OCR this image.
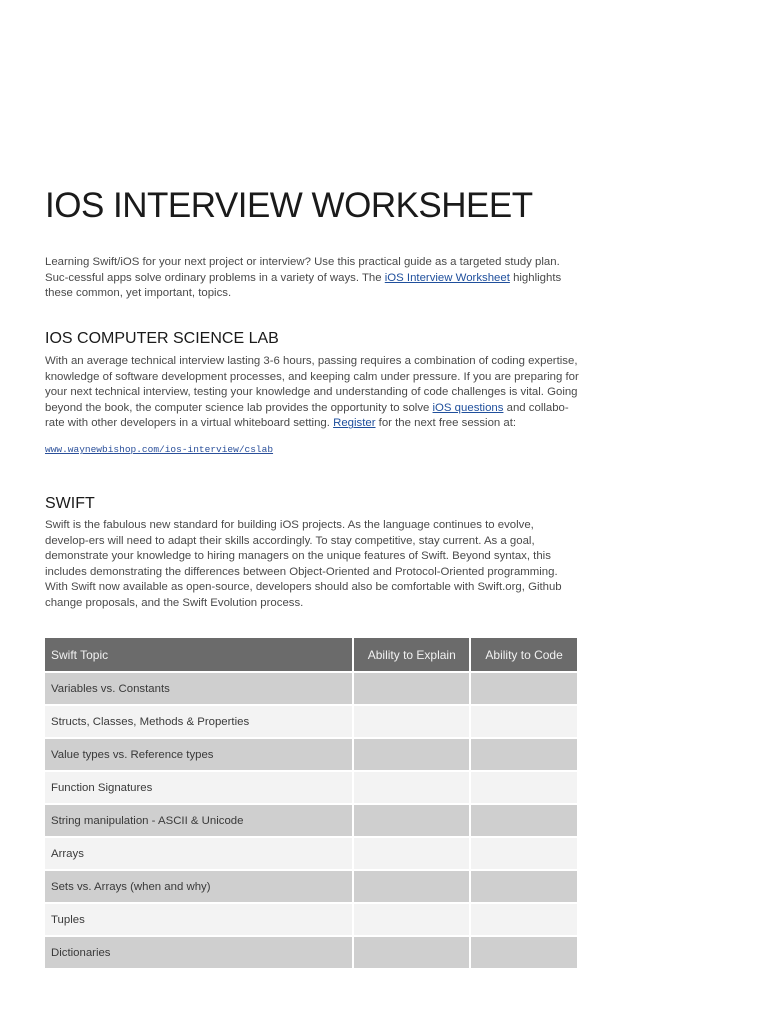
IOS INTERVIEW WORKSHEET

Learning Swift/iOS for your next project or interview? Use this practical guide as a targeted study plan. Suc-cessful apps solve ordinary problems in a variety of ways. The iOS Interview Worksheet highlights these common, yet important, topics.

IOS COMPUTER SCIENCE LAB

With an average technical interview lasting 3-6 hours, passing requires a combination of coding expertise, knowledge of software development processes, and keeping calm under pressure. If you are preparing for your next technical interview, testing your knowledge and understanding of code challenges is vital. Going beyond the book, the computer science lab provides the opportunity to solve iOS questions and collabo-rate with other developers in a virtual whiteboard setting. Register for the next free session at:

www.waynewbishop.com/ios-interview/cslab
SWIFT

Swift is the fabulous new standard for building iOS projects. As the language continues to evolve, develop-ers will need to adapt their skills accordingly. To stay competitive, stay current. As a goal, demonstrate your knowledge to hiring managers on the unique features of Swift. Beyond syntax, this includes demonstrating the differences between Object-Oriented and Protocol-Oriented programming. With Swift now available as open-source, developers should also be comfortable with Swift.org, Github change proposals, and the Swift Evolution process.

Swift Topic	Ability to Explain	Ability to Code
Variables vs. Constants		
Structs, Classes, Methods & Properties		
Value types vs. Reference types		
Function Signatures		
String manipulation - ASCII & Unicode		
Arrays		
Sets vs. Arrays (when and why)		
Tuples		
Dictionaries		
